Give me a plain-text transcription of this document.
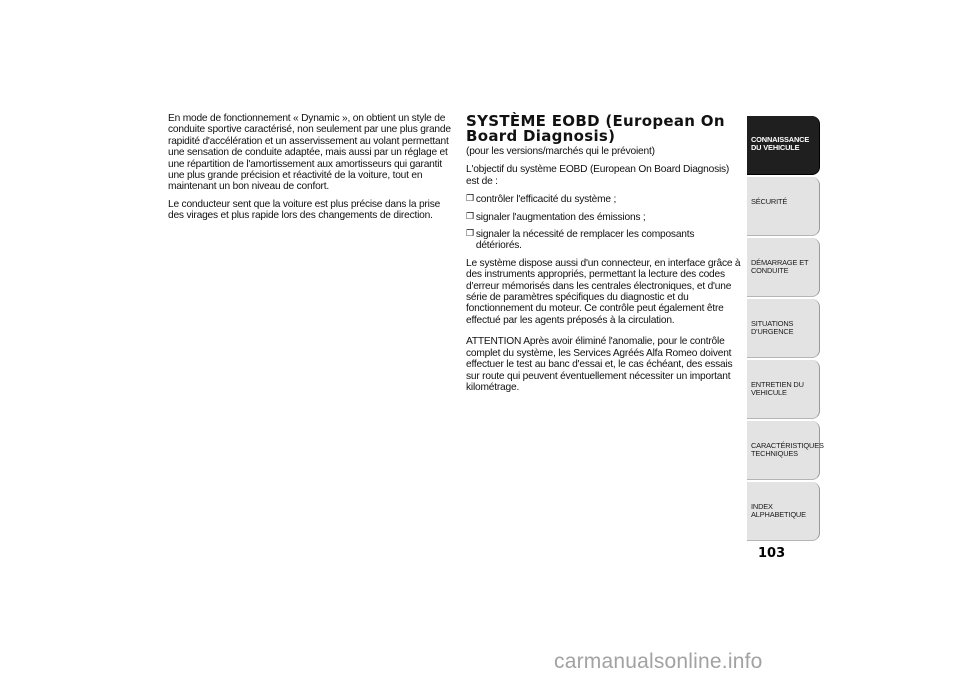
En mode de fonctionnement « Dynamic », on obtient un style de conduite sportive caractérisé, non seulement par une plus grande rapidité d'accélération et un asservissement au volant permettant une sensation de conduite adaptée, mais aussi par un réglage et une répartition de l'amortissement aux amortisseurs qui garantit une plus grande précision et réactivité de la voiture, tout en maintenant un bon niveau de confort.

Le conducteur sent que la voiture est plus précise dans la prise des virages et plus rapide lors des changements de direction.

SYSTÈME EOBD (European On Board Diagnosis)
(pour les versions/marchés qui le prévoient)

L'objectif du système EOBD (European On Board Diagnosis) est de :

❒ contrôler l'efficacité du système ;
❒ signaler l'augmentation des émissions ;
❒ signaler la nécessité de remplacer les composants détériorés.

Le système dispose aussi d'un connecteur, en interface grâce à des instruments appropriés, permettant la lecture des codes d'erreur mémorisés dans les centrales électroniques, et d'une série de paramètres spécifiques du diagnostic et du fonctionnement du moteur. Ce contrôle peut également être effectué par les agents préposés à la circulation.

ATTENTION Après avoir éliminé l'anomalie, pour le contrôle complet du système, les Services Agréés Alfa Romeo doivent effectuer le test au banc d'essai et, le cas échéant, des essais sur route qui peuvent éventuellement nécessiter un important kilométrage.

CONNAISSANCE
DU VEHICULE
SÉCURITÉ
DÉMARRAGE ET
CONDUITE
SITUATIONS
D'URGENCE
ENTRETIEN DU
VEHICULE
CARACTÉRISTIQUES
TECHNIQUES
INDEX
ALPHABETIQUE
103
carmanualsonline.info
